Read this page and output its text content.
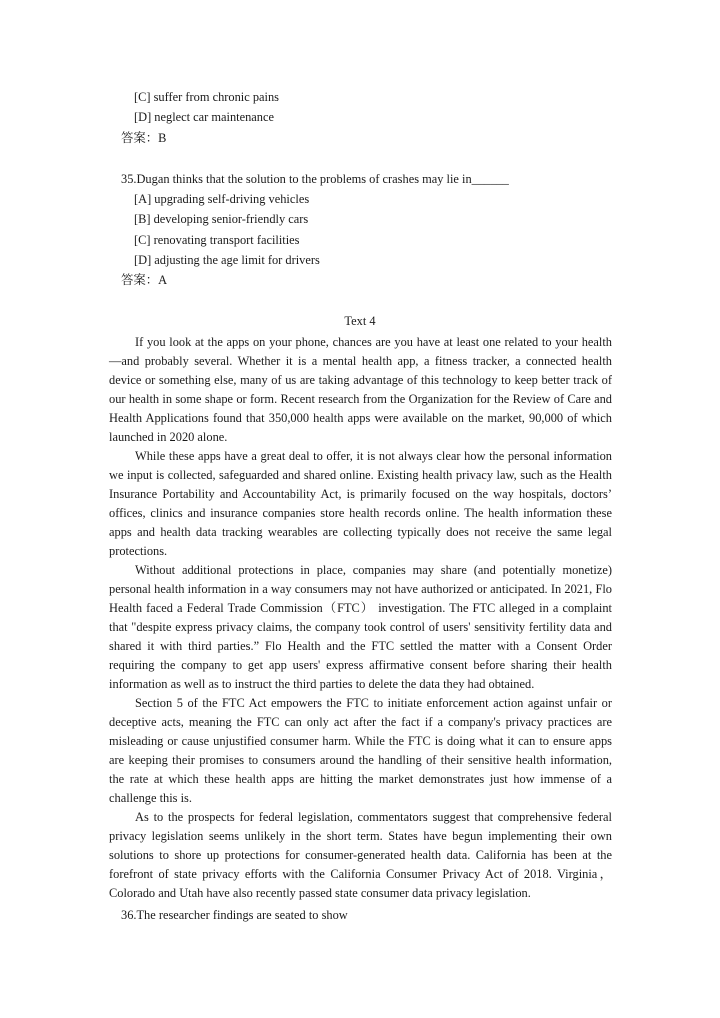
[C] suffer from chronic pains
[D] neglect car maintenance
答案：B
35.Dugan thinks that the solution to the problems of crashes may lie in______
[A] upgrading self-driving vehicles
[B] developing senior-friendly cars
[C] renovating transport facilities
[D] adjusting the age limit for drivers
答案：A
Text 4

If you look at the apps on your phone, chances are you have at least one related to your health—and probably several. Whether it is a mental health app, a fitness tracker, a connected health device or something else, many of us are taking advantage of this technology to keep better track of our health in some shape or form. Recent research from the Organization for the Review of Care and Health Applications found that 350,000 health apps were available on the market, 90,000 of which launched in 2020 alone.

While these apps have a great deal to offer, it is not always clear how the personal information we input is collected, safeguarded and shared online. Existing health privacy law, such as the Health Insurance Portability and Accountability Act, is primarily focused on the way hospitals, doctors’ offices, clinics and insurance companies store health records online. The health information these apps and health data tracking wearables are collecting typically does not receive the same legal protections.

Without additional protections in place, companies may share (and potentially monetize) personal health information in a way consumers may not have authorized or anticipated. In 2021, Flo Health faced a Federal Trade Commission（FTC） investigation. The FTC alleged in a complaint that "despite express privacy claims, the company took control of users' sensitivity fertility data and shared it with third parties.” Flo Health and the FTC settled the matter with a Consent Order requiring the company to get app users' express affirmative consent before sharing their health information as well as to instruct the third parties to delete the data they had obtained.

Section 5 of the FTC Act empowers the FTC to initiate enforcement action against unfair or deceptive acts, meaning the FTC can only act after the fact if a company's privacy practices are misleading or cause unjustified consumer harm. While the FTC is doing what it can to ensure apps are keeping their promises to consumers around the handling of their sensitive health information, the rate at which these health apps are hitting the market demonstrates just how immense of a challenge this is.

As to the prospects for federal legislation, commentators suggest that comprehensive federal privacy legislation seems unlikely in the short term. States have begun implementing their own solutions to shore up protections for consumer-generated health data. California has been at the forefront of state privacy efforts with the California Consumer Privacy Act of 2018. Virginia，Colorado and Utah have also recently passed state consumer data privacy legislation.

36.The researcher findings are seated to show
